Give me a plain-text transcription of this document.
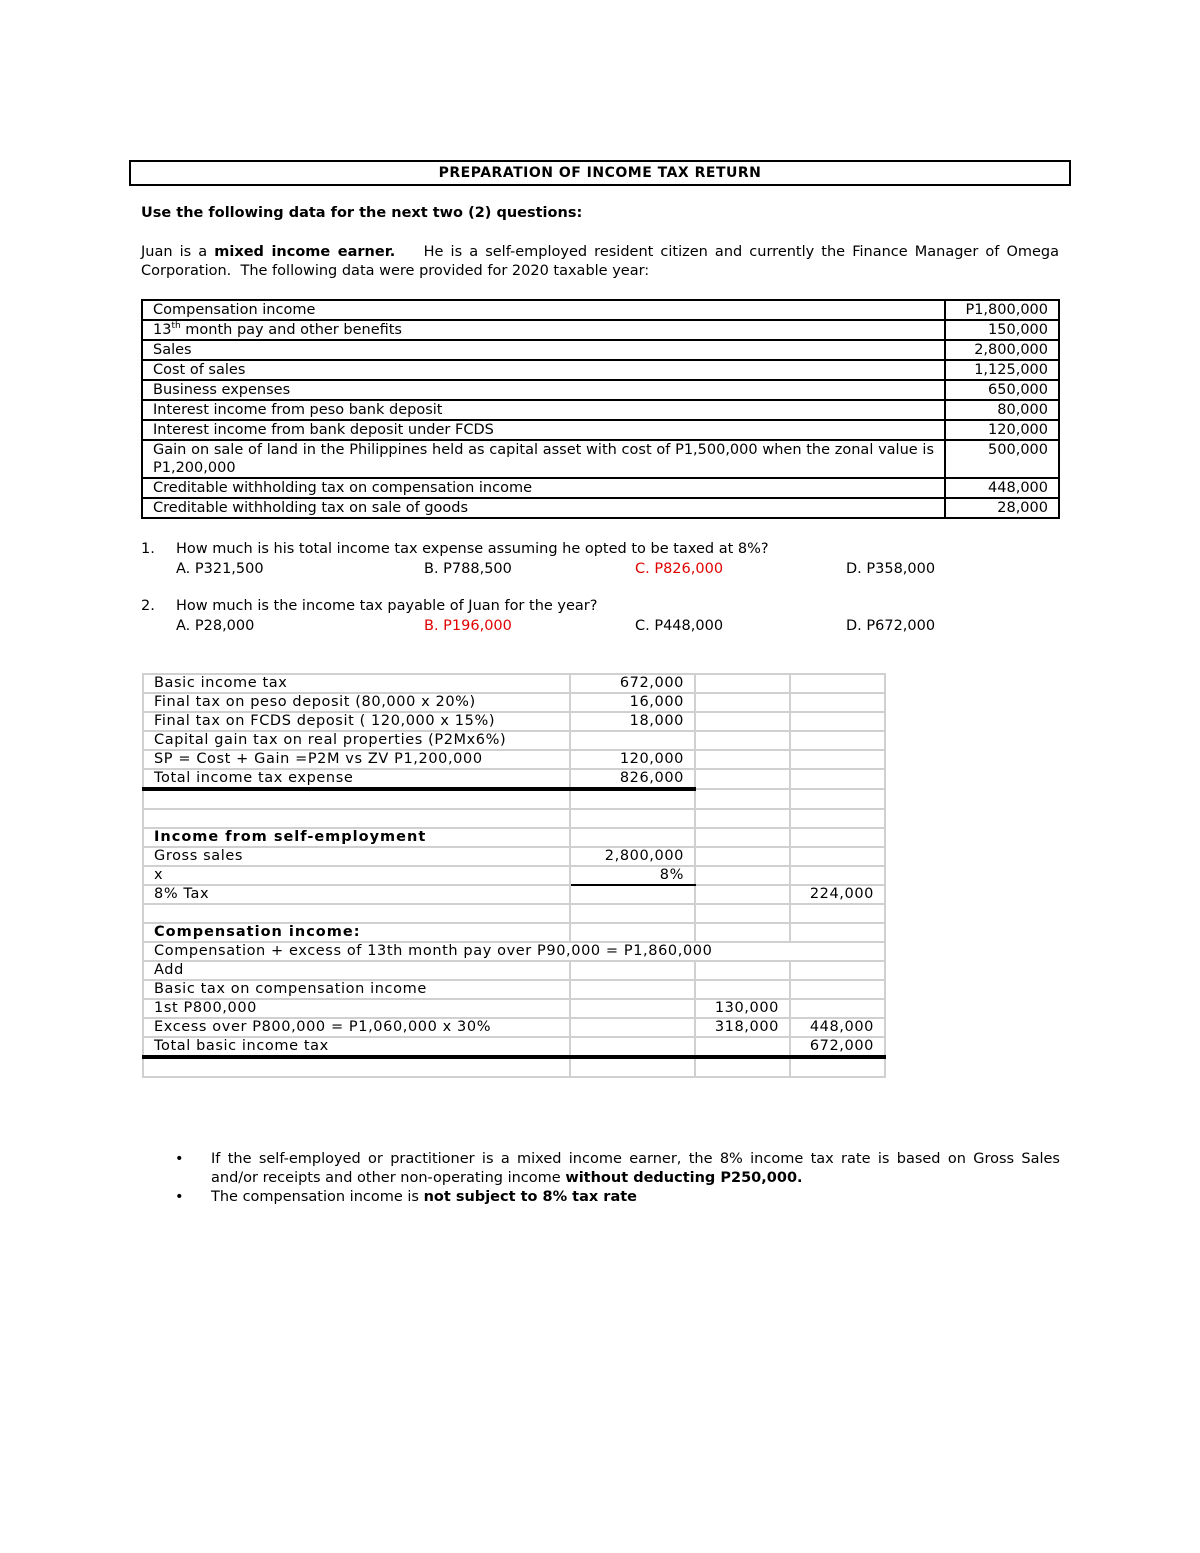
PREPARATION OF INCOME TAX RETURN
Use the following data for the next two (2) questions:
Juan is a mixed income earner.    He is a self-employed resident citizen and currently the Finance Manager of Omega Corporation.  The following data were provided for 2020 taxable year:
Compensation income	P1,800,000
13th month pay and other benefits	150,000
Sales	2,800,000
Cost of sales	1,125,000
Business expenses	650,000
Interest income from peso bank deposit	80,000
Interest income from bank deposit under FCDS	120,000
Gain on sale of land in the Philippines held as capital asset with cost of P1,500,000 when the zonal value is P1,200,000	500,000
Creditable withholding tax on compensation income	448,000
Creditable withholding tax on sale of goods	28,000
1. How much is his total income tax expense assuming he opted to be taxed at 8%?
A. P321,500	B. P788,500	C. P826,000	D. P358,000
2. How much is the income tax payable of Juan for the year?
A. P28,000	B. P196,000	C. P448,000	D. P672,000
Basic income tax	672,000		
Final tax on peso deposit (80,000 x 20%)	16,000		
Final tax on FCDS deposit ( 120,000 x 15%)	18,000		
Capital gain tax on real properties (P2Mx6%)			
SP = Cost + Gain =P2M vs ZV P1,200,000	120,000		
Total income tax expense	826,000		

Income from self-employment			
Gross sales	2,800,000		
x	8%		
8% Tax			224,000

Compensation income:			
Compensation + excess of 13th month pay over P90,000 = P1,860,000			
Add			
Basic tax on compensation income			
1st P800,000		130,000	
Excess over P800,000 = P1,060,000 x 30%		318,000	448,000
Total basic income tax			672,000

• If the self-employed or practitioner is a mixed income earner, the 8% income tax rate is based on Gross Sales and/or receipts and other non-operating income without deducting P250,000.
• The compensation income is not subject to 8% tax rate
